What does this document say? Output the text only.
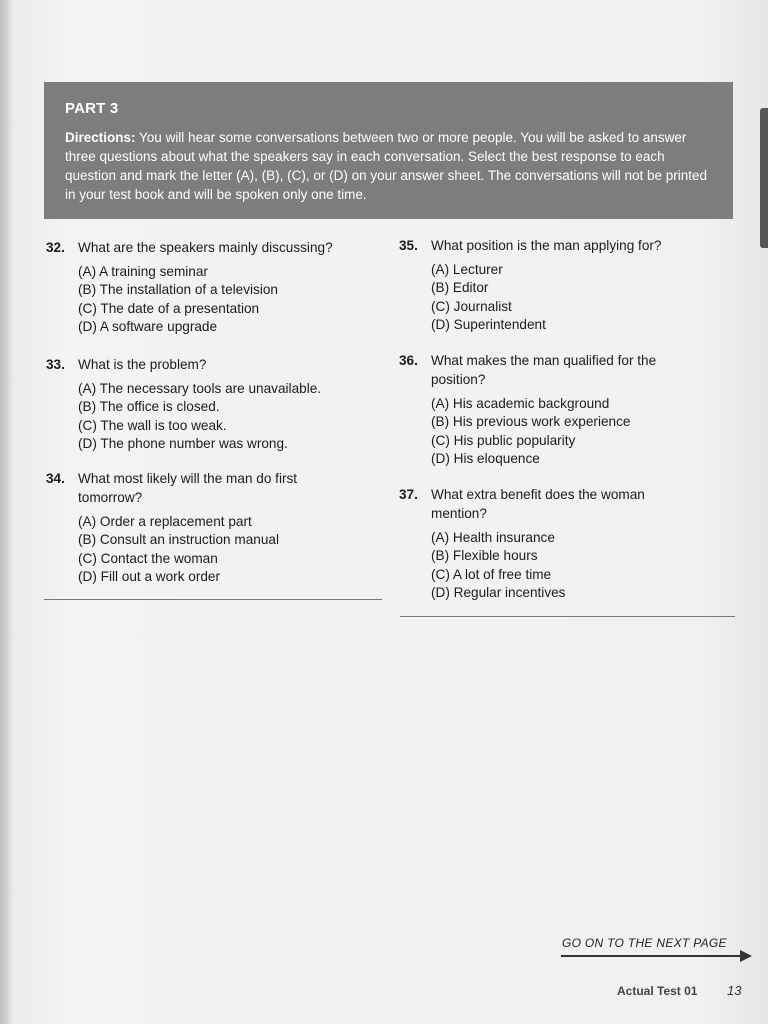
PART 3
Directions: You will hear some conversations between two or more people. You will be asked to answer three questions about what the speakers say in each conversation. Select the best response to each question and mark the letter (A), (B), (C), or (D) on your answer sheet. The conversations will not be printed in your test book and will be spoken only one time.
32. What are the speakers mainly discussing?
(A) A training seminar
(B) The installation of a television
(C) The date of a presentation
(D) A software upgrade
33. What is the problem?
(A) The necessary tools are unavailable.
(B) The office is closed.
(C) The wall is too weak.
(D) The phone number was wrong.
34. What most likely will the man do first tomorrow?
(A) Order a replacement part
(B) Consult an instruction manual
(C) Contact the woman
(D) Fill out a work order
35. What position is the man applying for?
(A) Lecturer
(B) Editor
(C) Journalist
(D) Superintendent
36. What makes the man qualified for the position?
(A) His academic background
(B) His previous work experience
(C) His public popularity
(D) His eloquence
37. What extra benefit does the woman mention?
(A) Health insurance
(B) Flexible hours
(C) A lot of free time
(D) Regular incentives
GO ON TO THE NEXT PAGE
Actual Test 01 13
